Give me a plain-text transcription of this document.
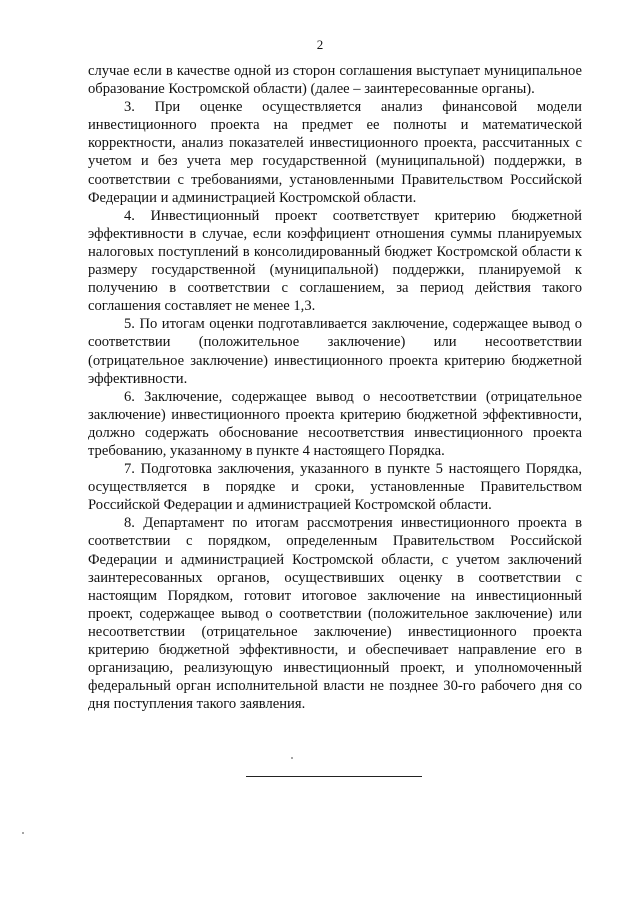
2

случае если в качестве одной из сторон соглашения выступает муниципальное образование Костромской области) (далее – заинтересованные органы).

3. При оценке осуществляется анализ финансовой модели инвестиционного проекта на предмет ее полноты и математической корректности, анализ показателей инвестиционного проекта, рассчитанных с учетом и без учета мер государственной (муниципальной) поддержки, в соответствии с требованиями, установленными Правительством Российской Федерации и администрацией Костромской области.

4. Инвестиционный проект соответствует критерию бюджетной эффективности в случае, если коэффициент отношения суммы планируемых налоговых поступлений в консолидированный бюджет Костромской области к размеру государственной (муниципальной) поддержки, планируемой к получению в соответствии с соглашением, за период действия такого соглашения составляет не менее 1,3.

5. По итогам оценки подготавливается заключение, содержащее вывод о соответствии (положительное заключение) или несоответствии (отрицательное заключение) инвестиционного проекта критерию бюджетной эффективности.

6. Заключение, содержащее вывод о несоответствии (отрицательное заключение) инвестиционного проекта критерию бюджетной эффективности, должно содержать обоснование несоответствия инвестиционного проекта требованию, указанному в пункте 4 настоящего Порядка.

7. Подготовка заключения, указанного в пункте 5 настоящего Порядка, осуществляется в порядке и сроки, установленные Правительством Российской Федерации и администрацией Костромской области.

8. Департамент по итогам рассмотрения инвестиционного проекта в соответствии с порядком, определенным Правительством Российской Федерации и администрацией Костромской области, с учетом заключений заинтересованных органов, осуществивших оценку в соответствии с настоящим Порядком, готовит итоговое заключение на инвестиционный проект, содержащее вывод о соответствии (положительное заключение) или несоответствии (отрицательное заключение) инвестиционного проекта критерию бюджетной эффективности, и обеспечивает направление его в организацию, реализующую инвестиционный проект, и уполномоченный федеральный орган исполнительной власти не позднее 30-го рабочего дня со дня поступления такого заявления.
